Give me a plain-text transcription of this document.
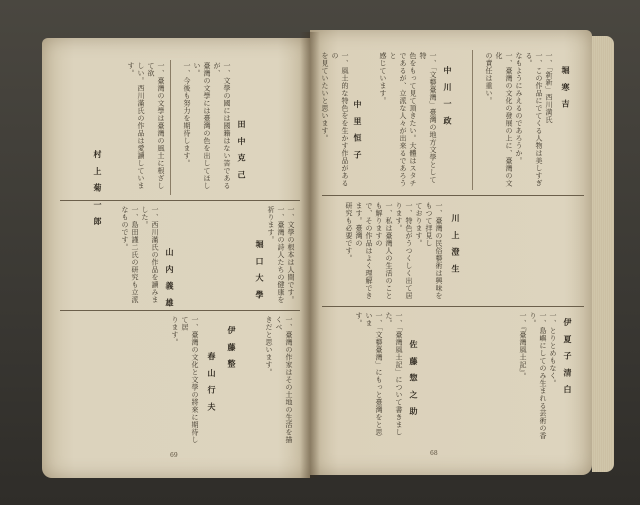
堀 寒 吉
一、「新新」西川満氏
一、この作品にでてくる人物は美しすぎる。
なもようにみえるのであろうか。
一、臺灣の文化の發展の上に、臺灣の文化
の責任は重い。
中 川 一 政
一、「文藝臺灣」臺灣の地方文學として特
色をもって見て頂きたい。大體はスタチ
であるが、立派な人々が出来るであろうと
感じています。
中 里 恒 子
一、風土的な特色をを生かす作品があるの
を見ていたいと思います。
川 上 澄 生
一、臺灣の民俗藝術は興味をもつて拝見し
ております。
一、特色がうつくしく出て居ります。
一、私は臺灣人の生活のことも解りますの
で、その作品はよく理解できます。臺灣の
研究も必要です。
伊 夏 子 清 白
一、とりとめもなく。
一、島嶼にしてのみ生まれる芸術の香り。
一、『臺灣風土記』。
佐 藤 惣 之 助
一、「臺灣風土記」について書きました。
一、「文藝臺灣」にもっと臺灣をと思いま
す。
68
田 中 克 己
一、文學の國には國籍はない筈であるが、
臺灣の文學には臺灣の色を出してほしい。
一、今後も努力を期待します。
村 上 菊 一 郎	一、臺灣の文學は臺灣の風土に根ざして欲
しい。西川滿氏の作品は愛讀しています。
堀 口 大 學	一、文學の根本は人間です。
一、臺灣の詩人たちの健康を祈ります。
山 内 義 雄
一、西川滿氏の作品を讀みました。
一、島田謹二氏の研究も立派なものです。
伊 藤 整	一、臺灣の作家はその土地の生活を描くべ
きだと思います。
春 山 行 夫
一、臺灣の文化と文學の將來に期待して居
ります。
69
